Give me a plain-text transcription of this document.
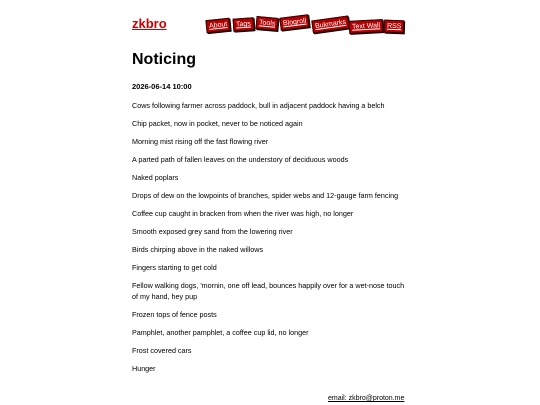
zkbro	About	Tags	Tools	Blogroll	Bukmarks Text Wall RSS
Noticing
2026-06-14 10:00

Cows following farmer across paddock, bull in adjacent paddock having a belch

Chip packet, now in pocket, never to be noticed again

Morning mist rising off the fast flowing river

A parted path of fallen leaves on the understory of deciduous woods

Naked poplars

Drops of dew on the lowpoints of branches, spider webs and 12-gauge farm fencing

Coffee cup caught in bracken from when the river was high, no longer

Smooth exposed grey sand from the lowering river

Birds chirping above in the naked willows

Fingers starting to get cold

Fellow walking dogs, 'mornin, one off lead, bounces happily over for a wet-nose touch of my hand, hey pup

Frozen tops of fence posts

Pamphlet, another pamphlet, a coffee cup lid, no longer

Frost covered cars

Hunger

email: zkbro@proton.me
